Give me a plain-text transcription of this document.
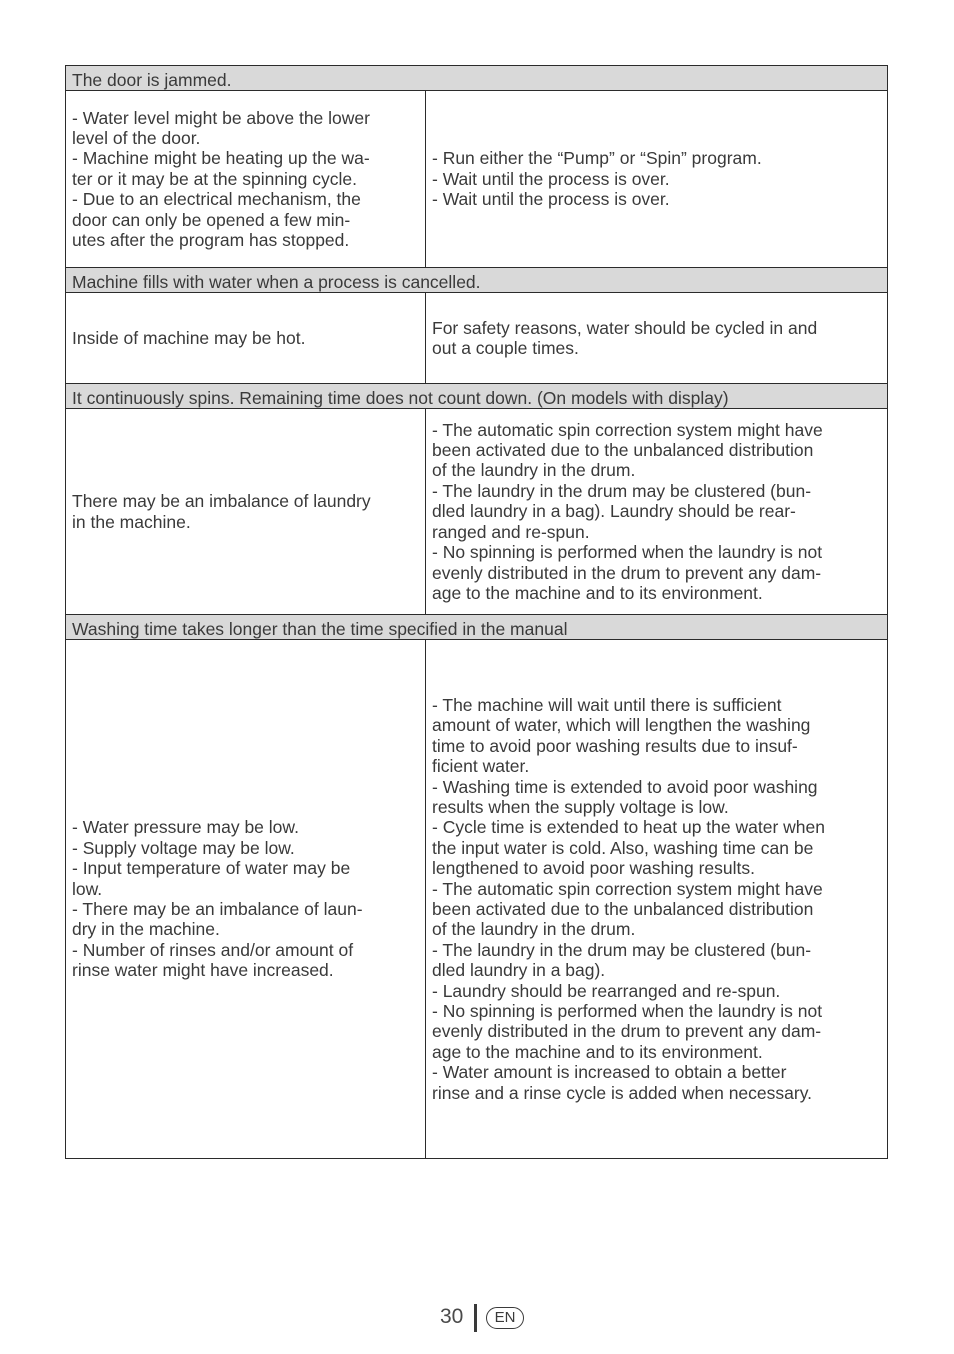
The door is jammed.
- Water level might be above the lower
level of the door.
- Machine might be heating up the wa-
ter or it may be at the spinning cycle.
- Due to an electrical mechanism, the
door can only be opened a few min-
utes after the program has stopped.
- Run either the “Pump” or “Spin” program.
- Wait until the process is over.
- Wait until the process is over.
Machine fills with water when a process is cancelled.
Inside of machine may be hot.
For safety reasons, water should be cycled in and
out a couple times.
It continuously spins. Remaining time does not count down. (On models with display)
There may be an imbalance of laundry
in the machine.
- The automatic spin correction system might have
been activated due to the unbalanced distribution
of the laundry in the drum.
- The laundry in the drum may be clustered (bun-
dled laundry in a bag). Laundry should be rear-
ranged and re-spun.
- No spinning is performed when the laundry is not
evenly distributed in the drum to prevent any dam-
age to the machine and to its environment.
Washing time takes longer than the time specified in the manual
- Water pressure may be low.
- Supply voltage may be low.
- Input temperature of water may be
low.
- There may be an imbalance of laun-
dry in the machine.
- Number of rinses and/or amount of
rinse water might have increased.
- The machine will wait until there is sufficient
amount of water, which will lengthen the washing
time to avoid poor washing results due to insuf-
ficient water.
- Washing time is extended to avoid poor washing
results when the supply voltage is low.
- Cycle time is extended to heat up the water when
the input water is cold. Also, washing time can be
lengthened to avoid poor washing results.
- The automatic spin correction system might have
been activated due to the unbalanced distribution
of the laundry in the drum.
- The laundry in the drum may be clustered (bun-
dled laundry in a bag).
- Laundry should be rearranged and re-spun.
- No spinning is performed when the laundry is not
evenly distributed in the drum to prevent any dam-
age to the machine and to its environment.
- Water amount is increased to obtain a better
rinse and a rinse cycle is added when necessary.
30	EN
